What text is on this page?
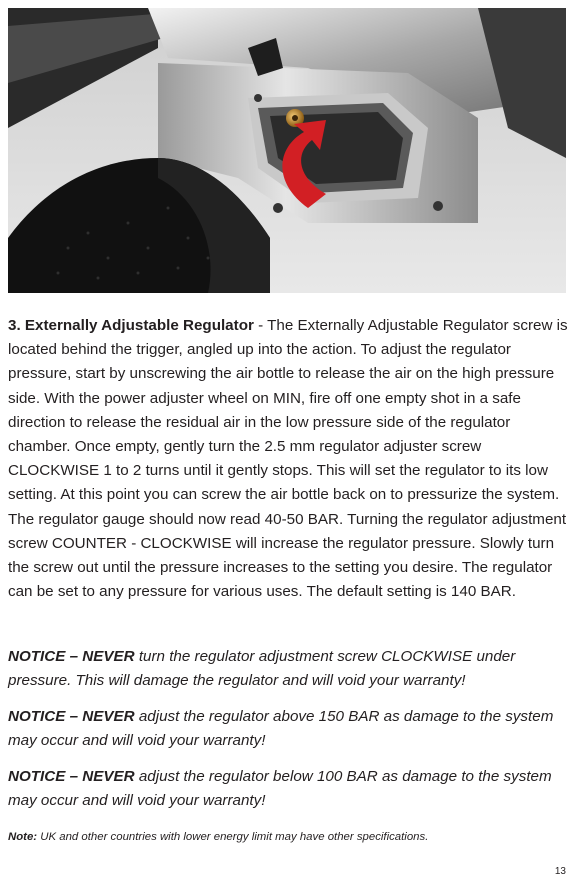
3. Externally Adjustable Regulator - The Externally Adjustable Regulator screw is located behind the trigger, angled up into the action. To adjust the regulator pressure, start by unscrewing the air bottle to release the air on the high pressure side. With the power adjuster wheel on MIN, fire off one empty shot in a safe direction to release the residual air in the low pressure side of the regulator chamber. Once empty, gently turn the 2.5 mm regulator adjuster screw CLOCKWISE 1 to 2 turns until it gently stops. This will set the regulator to its low setting. At this point you can screw the air bottle back on to pressurize the system. The regulator gauge should now read 40-50 BAR. Turning the regulator adjustment screw COUNTER - CLOCKWISE will increase the regulator pressure. Slowly turn the screw out until the pressure increases to the setting you desire. The regulator can be set to any pressure for various uses. The default setting is 140 BAR.

NOTICE – NEVER turn the regulator adjustment screw CLOCKWISE under pressure. This will damage the regulator and will void your warranty!

NOTICE – NEVER adjust the regulator above 150 BAR as damage to the system may occur and will void your warranty!

NOTICE – NEVER adjust the regulator below 100 BAR as damage to the system may occur and will void your warranty!

Note: UK and other countries with lower energy limit may have other specifications.

13
